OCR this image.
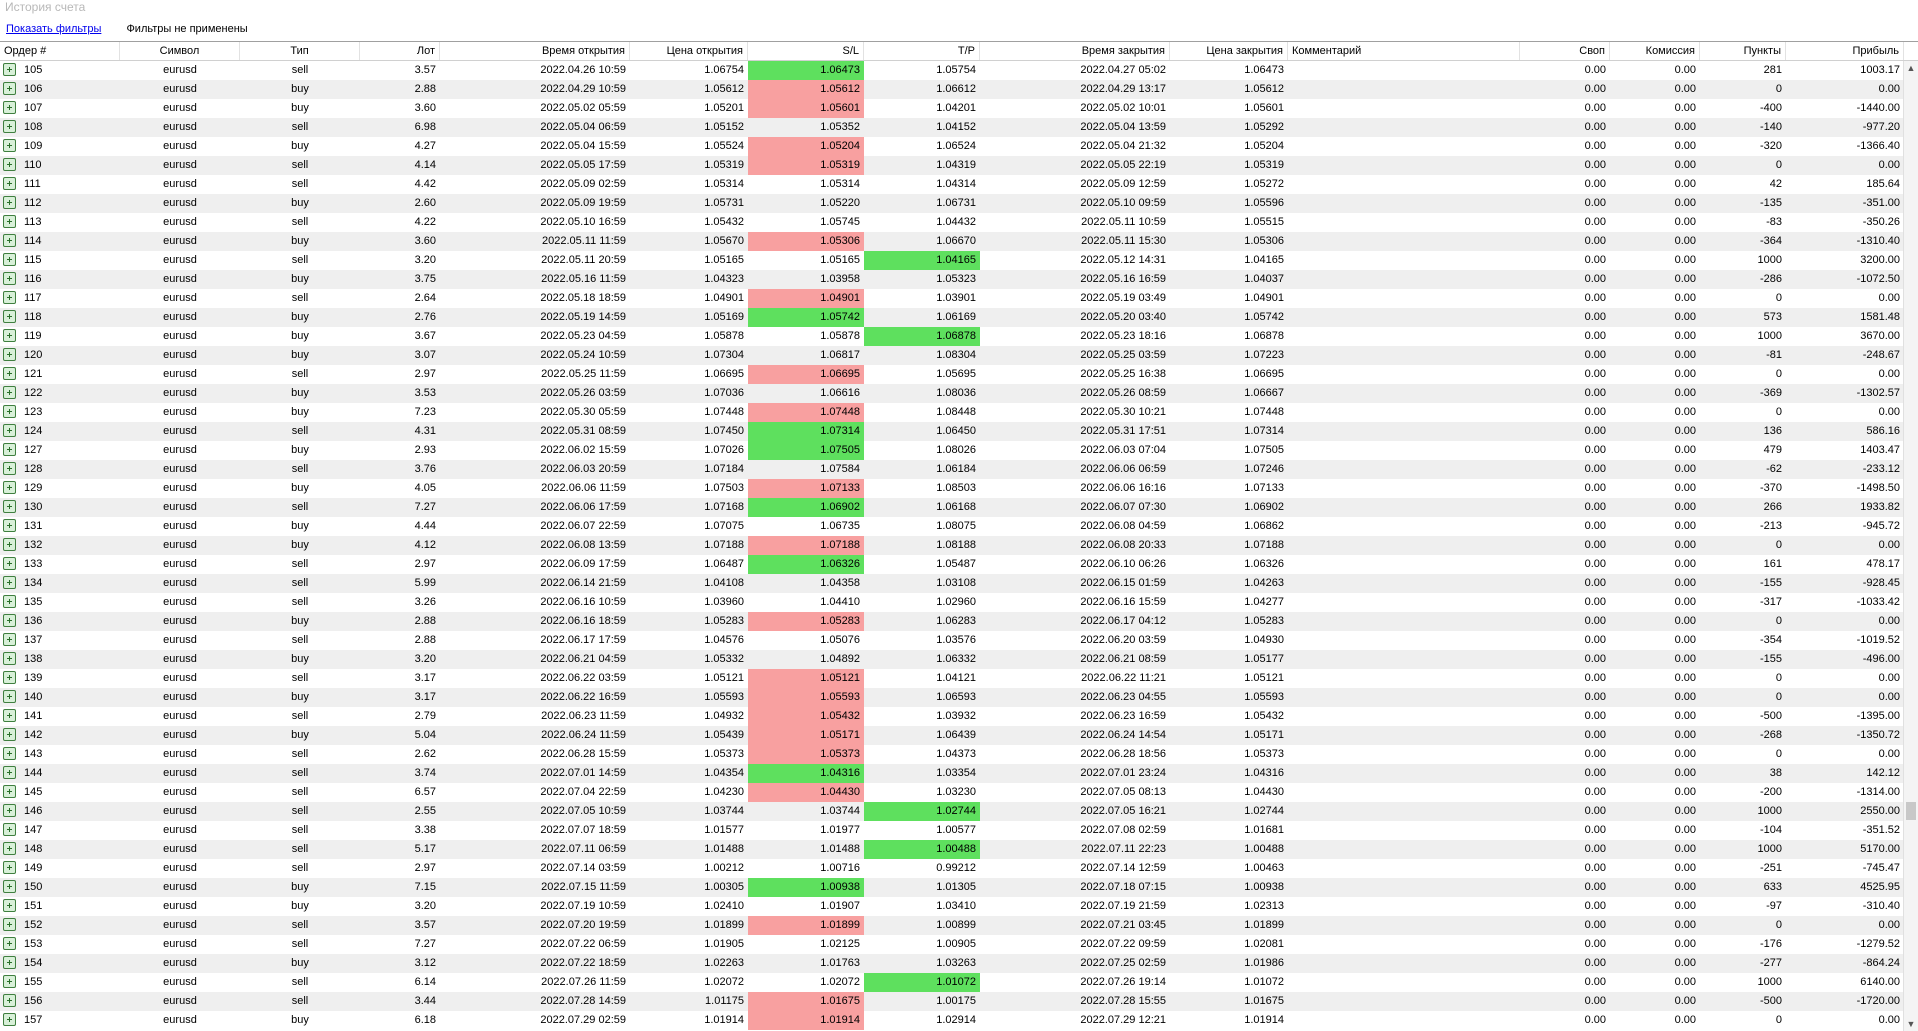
История счета
Показать фильтры Фильтры не применены
Ордер #	Символ	Тип	Лот	Время открытия	Цена открытия	S/L	T/P	Время закрытия	Цена закрытия Комментарий	Своп	Комиссия	Пункты	Прибыль
105	eurusd	sell	3.57	2022.04.26 10:59	1.06754	1.06473	1.05754	2022.04.27 05:02	1.06473	0.00	0.00	281	1003.17
106	eurusd	buy	2.88	2022.04.29 10:59	1.05612	1.05612	1.06612	2022.04.29 13:17	1.05612	0.00	0.00	0	0.00
107	eurusd	buy	3.60	2022.05.02 05:59	1.05201	1.05601	1.04201	2022.05.02 10:01	1.05601	0.00	0.00	-400	-1440.00
108	eurusd	sell	6.98	2022.05.04 06:59	1.05152	1.05352	1.04152	2022.05.04 13:59	1.05292	0.00	0.00	-140	-977.20
109	eurusd	buy	4.27	2022.05.04 15:59	1.05524	1.05204	1.06524	2022.05.04 21:32	1.05204	0.00	0.00	-320	-1366.40
110	eurusd	sell	4.14	2022.05.05 17:59	1.05319	1.05319	1.04319	2022.05.05 22:19	1.05319	0.00	0.00	0	0.00
111	eurusd	sell	4.42	2022.05.09 02:59	1.05314	1.05314	1.04314	2022.05.09 12:59	1.05272	0.00	0.00	42	185.64
112	eurusd	buy	2.60	2022.05.09 19:59	1.05731	1.05220	1.06731	2022.05.10 09:59	1.05596	0.00	0.00	-135	-351.00
113	eurusd	sell	4.22	2022.05.10 16:59	1.05432	1.05745	1.04432	2022.05.11 10:59	1.05515	0.00	0.00	-83	-350.26
114	eurusd	buy	3.60	2022.05.11 11:59	1.05670	1.05306	1.06670	2022.05.11 15:30	1.05306	0.00	0.00	-364	-1310.40
115	eurusd	sell	3.20	2022.05.11 20:59	1.05165	1.05165	1.04165	2022.05.12 14:31	1.04165	0.00	0.00	1000	3200.00
116	eurusd	buy	3.75	2022.05.16 11:59	1.04323	1.03958	1.05323	2022.05.16 16:59	1.04037	0.00	0.00	-286	-1072.50
117	eurusd	sell	2.64	2022.05.18 18:59	1.04901	1.04901	1.03901	2022.05.19 03:49	1.04901	0.00	0.00	0	0.00
118	eurusd	buy	2.76	2022.05.19 14:59	1.05169	1.05742	1.06169	2022.05.20 03:40	1.05742	0.00	0.00	573	1581.48
119	eurusd	buy	3.67	2022.05.23 04:59	1.05878	1.05878	1.06878	2022.05.23 18:16	1.06878	0.00	0.00	1000	3670.00
120	eurusd	buy	3.07	2022.05.24 10:59	1.07304	1.06817	1.08304	2022.05.25 03:59	1.07223	0.00	0.00	-81	-248.67
121	eurusd	sell	2.97	2022.05.25 11:59	1.06695	1.06695	1.05695	2022.05.25 16:38	1.06695	0.00	0.00	0	0.00
122	eurusd	buy	3.53	2022.05.26 03:59	1.07036	1.06616	1.08036	2022.05.26 08:59	1.06667	0.00	0.00	-369	-1302.57
123	eurusd	buy	7.23	2022.05.30 05:59	1.07448	1.07448	1.08448	2022.05.30 10:21	1.07448	0.00	0.00	0	0.00
124	eurusd	sell	4.31	2022.05.31 08:59	1.07450	1.07314	1.06450	2022.05.31 17:51	1.07314	0.00	0.00	136	586.16
127	eurusd	buy	2.93	2022.06.02 15:59	1.07026	1.07505	1.08026	2022.06.03 07:04	1.07505	0.00	0.00	479	1403.47
128	eurusd	sell	3.76	2022.06.03 20:59	1.07184	1.07584	1.06184	2022.06.06 06:59	1.07246	0.00	0.00	-62	-233.12
129	eurusd	buy	4.05	2022.06.06 11:59	1.07503	1.07133	1.08503	2022.06.06 16:16	1.07133	0.00	0.00	-370	-1498.50
130	eurusd	sell	7.27	2022.06.06 17:59	1.07168	1.06902	1.06168	2022.06.07 07:30	1.06902	0.00	0.00	266	1933.82
131	eurusd	buy	4.44	2022.06.07 22:59	1.07075	1.06735	1.08075	2022.06.08 04:59	1.06862	0.00	0.00	-213	-945.72
132	eurusd	buy	4.12	2022.06.08 13:59	1.07188	1.07188	1.08188	2022.06.08 20:33	1.07188	0.00	0.00	0	0.00
133	eurusd	sell	2.97	2022.06.09 17:59	1.06487	1.06326	1.05487	2022.06.10 06:26	1.06326	0.00	0.00	161	478.17
134	eurusd	sell	5.99	2022.06.14 21:59	1.04108	1.04358	1.03108	2022.06.15 01:59	1.04263	0.00	0.00	-155	-928.45
135	eurusd	sell	3.26	2022.06.16 10:59	1.03960	1.04410	1.02960	2022.06.16 15:59	1.04277	0.00	0.00	-317	-1033.42
136	eurusd	buy	2.88	2022.06.16 18:59	1.05283	1.05283	1.06283	2022.06.17 04:12	1.05283	0.00	0.00	0	0.00
137	eurusd	sell	2.88	2022.06.17 17:59	1.04576	1.05076	1.03576	2022.06.20 03:59	1.04930	0.00	0.00	-354	-1019.52
138	eurusd	buy	3.20	2022.06.21 04:59	1.05332	1.04892	1.06332	2022.06.21 08:59	1.05177	0.00	0.00	-155	-496.00
139	eurusd	sell	3.17	2022.06.22 03:59	1.05121	1.05121	1.04121	2022.06.22 11:21	1.05121	0.00	0.00	0	0.00
140	eurusd	buy	3.17	2022.06.22 16:59	1.05593	1.05593	1.06593	2022.06.23 04:55	1.05593	0.00	0.00	0	0.00
141	eurusd	sell	2.79	2022.06.23 11:59	1.04932	1.05432	1.03932	2022.06.23 16:59	1.05432	0.00	0.00	-500	-1395.00
142	eurusd	buy	5.04	2022.06.24 11:59	1.05439	1.05171	1.06439	2022.06.24 14:54	1.05171	0.00	0.00	-268	-1350.72
143	eurusd	sell	2.62	2022.06.28 15:59	1.05373	1.05373	1.04373	2022.06.28 18:56	1.05373	0.00	0.00	0	0.00
144	eurusd	sell	3.74	2022.07.01 14:59	1.04354	1.04316	1.03354	2022.07.01 23:24	1.04316	0.00	0.00	38	142.12
145	eurusd	sell	6.57	2022.07.04 22:59	1.04230	1.04430	1.03230	2022.07.05 08:13	1.04430	0.00	0.00	-200	-1314.00
146	eurusd	sell	2.55	2022.07.05 10:59	1.03744	1.03744	1.02744	2022.07.05 16:21	1.02744	0.00	0.00	1000	2550.00
147	eurusd	sell	3.38	2022.07.07 18:59	1.01577	1.01977	1.00577	2022.07.08 02:59	1.01681	0.00	0.00	-104	-351.52
148	eurusd	sell	5.17	2022.07.11 06:59	1.01488	1.01488	1.00488	2022.07.11 22:23	1.00488	0.00	0.00	1000	5170.00
149	eurusd	sell	2.97	2022.07.14 03:59	1.00212	1.00716	0.99212	2022.07.14 12:59	1.00463	0.00	0.00	-251	-745.47
150	eurusd	buy	7.15	2022.07.15 11:59	1.00305	1.00938	1.01305	2022.07.18 07:15	1.00938	0.00	0.00	633	4525.95
151	eurusd	buy	3.20	2022.07.19 10:59	1.02410	1.01907	1.03410	2022.07.19 21:59	1.02313	0.00	0.00	-97	-310.40
152	eurusd	sell	3.57	2022.07.20 19:59	1.01899	1.01899	1.00899	2022.07.21 03:45	1.01899	0.00	0.00	0	0.00
153	eurusd	sell	7.27	2022.07.22 06:59	1.01905	1.02125	1.00905	2022.07.22 09:59	1.02081	0.00	0.00	-176	-1279.52
154	eurusd	buy	3.12	2022.07.22 18:59	1.02263	1.01763	1.03263	2022.07.25 02:59	1.01986	0.00	0.00	-277	-864.24
155	eurusd	sell	6.14	2022.07.26 11:59	1.02072	1.02072	1.01072	2022.07.26 19:14	1.01072	0.00	0.00	1000	6140.00
156	eurusd	sell	3.44	2022.07.28 14:59	1.01175	1.01675	1.00175	2022.07.28 15:55	1.01675	0.00	0.00	-500	-1720.00
157	eurusd	buy	6.18	2022.07.29 02:59	1.01914	1.01914	1.02914	2022.07.29 12:21	1.01914	0.00	0.00	0	0.00
▲
▼
